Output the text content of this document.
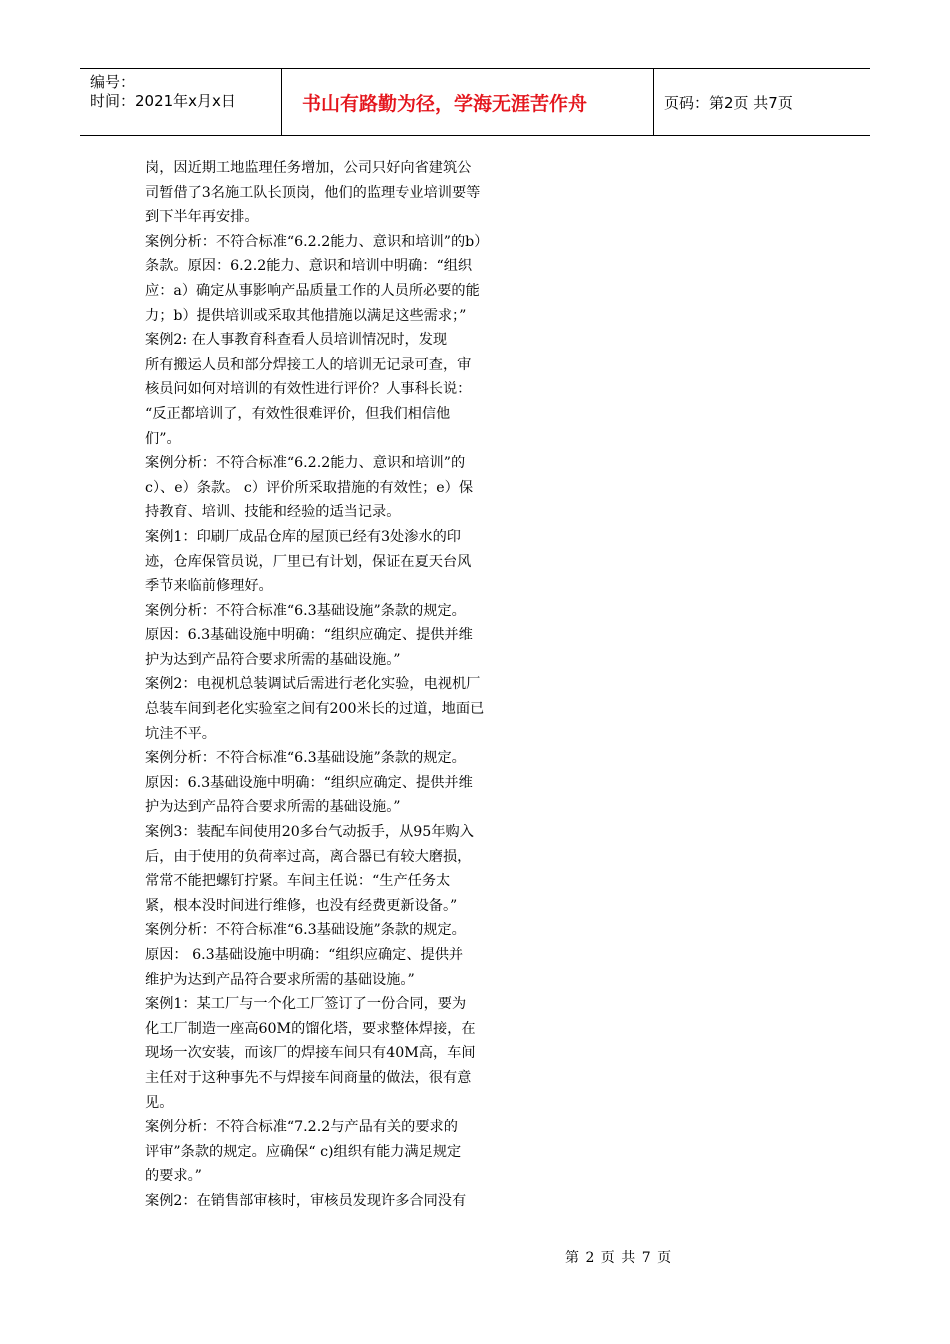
编号：
时间：2021年x月x日	书山有路勤为径，学海无涯苦作舟	页码：第2页 共7页
岗，因近期工地监理任务增加，公司只好向省建筑公
司暂借了3名施工队长顶岗，他们的监理专业培训要等
到下半年再安排。
案例分析：不符合标准“6.2.2能力、意识和培训”的b）
条款。原因：6.2.2能力、意识和培训中明确：“组织
应：a）确定从事影响产品质量工作的人员所必要的能
力；b）提供培训或采取其他措施以满足这些需求；”
案例2: 在人事教育科查看人员培训情况时，发现
所有搬运人员和部分焊接工人的培训无记录可查，审
核员问如何对培训的有效性进行评价？人事科长说：
“反正都培训了，有效性很难评价，但我们相信他
们”。
案例分析：不符合标准“6.2.2能力、意识和培训”的
c）、e）条款。 c）评价所采取措施的有效性；e）保
持教育、培训、技能和经验的适当记录。
案例1：印刷厂成品仓库的屋顶已经有3处渗水的印
迹，仓库保管员说，厂里已有计划，保证在夏天台风
季节来临前修理好。
案例分析：不符合标准“6.3基础设施”条款的规定。
原因：6.3基础设施中明确：“组织应确定、提供并维
护为达到产品符合要求所需的基础设施。”
案例2：电视机总装调试后需进行老化实验，电视机厂
总装车间到老化实验室之间有200米长的过道，地面已
坑洼不平。
案例分析：不符合标准“6.3基础设施”条款的规定。
原因：6.3基础设施中明确：“组织应确定、提供并维
护为达到产品符合要求所需的基础设施。”
案例3：装配车间使用20多台气动扳手，从95年购入
后，由于使用的负荷率过高，离合器已有较大磨损，
常常不能把螺钉拧紧。车间主任说：“生产任务太
紧，根本没时间进行维修，也没有经费更新设备。”
案例分析：不符合标准“6.3基础设施”条款的规定。
原因： 6.3基础设施中明确：“组织应确定、提供并
维护为达到产品符合要求所需的基础设施。”
案例1：某工厂与一个化工厂签订了一份合同，要为
化工厂制造一座高60M的馏化塔，要求整体焊接，在
现场一次安装，而该厂的焊接车间只有40M高，车间
主任对于这种事先不与焊接车间商量的做法，很有意
见。
案例分析：不符合标准“7.2.2与产品有关的要求的
评审”条款的规定。应确保“ c)组织有能力满足规定
的要求。”
案例2：在销售部审核时，审核员发现许多合同没有
第 2 页 共 7 页
